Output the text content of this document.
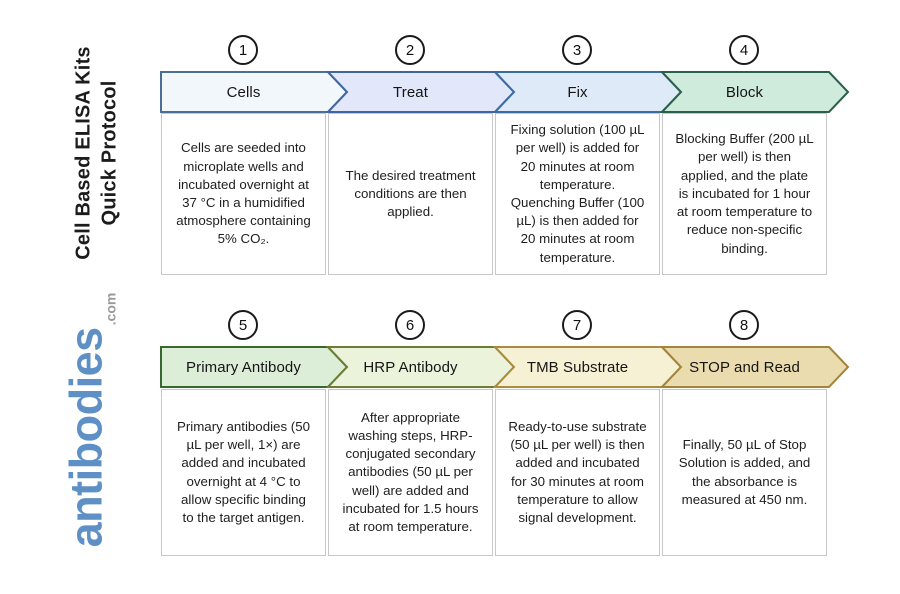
Cell Based ELISA Kits Quick Protocol
antibodies$_{.com}$
1	2	3	4
Cells	Treat	Fix	Block

Cells are seeded into microplate wells and incubated overnight at 37 °C in a humidified atmosphere containing 5% CO₂.

The desired treatment conditions are then applied.

Fixing solution (100 µL per well) is added for 20 minutes at room temperature. Quenching Buffer (100 µL) is then added for 20 minutes at room temperature.

Blocking Buffer (200 µL per well) is then applied, and the plate is incubated for 1 hour at room temperature to reduce non-specific binding.

5	6	7	8
Primary Antibody	HRP Antibody	TMB Substrate	STOP and Read

Primary antibodies (50 µL per well, 1×) are added and incubated overnight at 4 °C to allow specific binding to the target antigen.

After appropriate washing steps, HRP-conjugated secondary antibodies (50 µL per well) are added and incubated for 1.5 hours at room temperature.

Ready-to-use substrate (50 µL per well) is then added and incubated for 30 minutes at room temperature to allow signal development.

Finally, 50 µL of Stop Solution is added, and the absorbance is measured at 450 nm.
